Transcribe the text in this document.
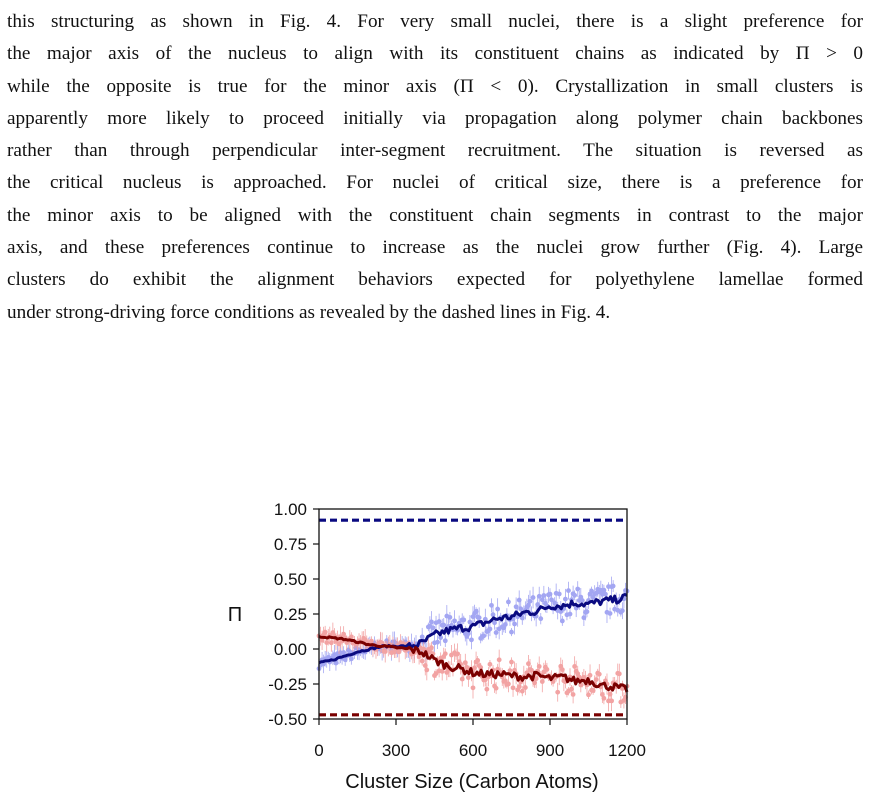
this structuring as shown in Fig. 4. For very small nuclei, there is a slight preference for
the major axis of the nucleus to align with its constituent chains as indicated by Π > 0
while the opposite is true for the minor axis (Π < 0). Crystallization in small clusters is
apparently more likely to proceed initially via propagation along polymer chain backbones
rather than through perpendicular inter-segment recruitment. The situation is reversed as
the critical nucleus is approached. For nuclei of critical size, there is a preference for
the minor axis to be aligned with the constituent chain segments in contrast to the major
axis, and these preferences continue to increase as the nuclei grow further (Fig. 4). Large
clusters do exhibit the alignment behaviors expected for polyethylene lamellae formed
under strong-driving force conditions as revealed by the dashed lines in Fig. 4.
1.00
0.75
0.50
0.25
0.00
-0.25
-0.50
0	300	600	900	1200
Π
Cluster Size (Carbon Atoms)
